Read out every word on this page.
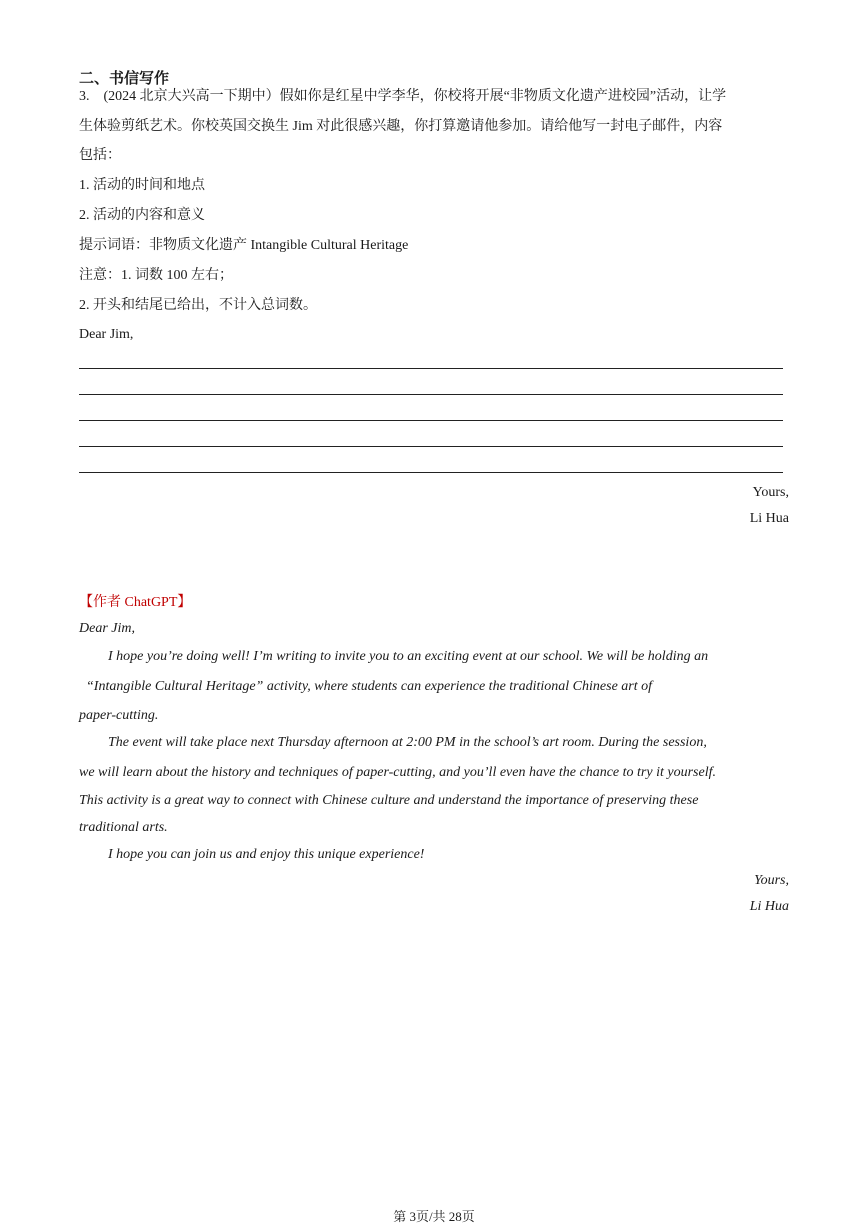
二、书信写作
3.　(2024 北京大兴高一下期中）假如你是红星中学李华，你校将开展“非物质文化遗产进校园”活动，让学
生体验剪纸艺术。你校英国交换生 Jim 对此很感兴趣，你打算邀请他参加。请给他写一封电子邮件，内容
包括：
1. 活动的时间和地点
2. 活动的内容和意义
提示词语：非物质文化遗产 Intangible Cultural Heritage
注意：1. 词数 100 左右；
2. 开头和结尾已给出，不计入总词数。
Dear Jim,
Yours,
Li Hua
【作者 ChatGPT】
Dear Jim,
I hope you’re doing well! I’m writing to invite you to an exciting event at our school. We will be holding an
“Intangible Cultural Heritage” activity, where students can experience the traditional Chinese art of
paper-cutting.
The event will take place next Thursday afternoon at 2:00 PM in the school’s art room. During the session,
we will learn about the history and techniques of paper-cutting, and you’ll even have the chance to try it yourself.
This activity is a great way to connect with Chinese culture and understand the importance of preserving these
traditional arts.
I hope you can join us and enjoy this unique experience!
Yours,
Li Hua
第 3页/共 28页
